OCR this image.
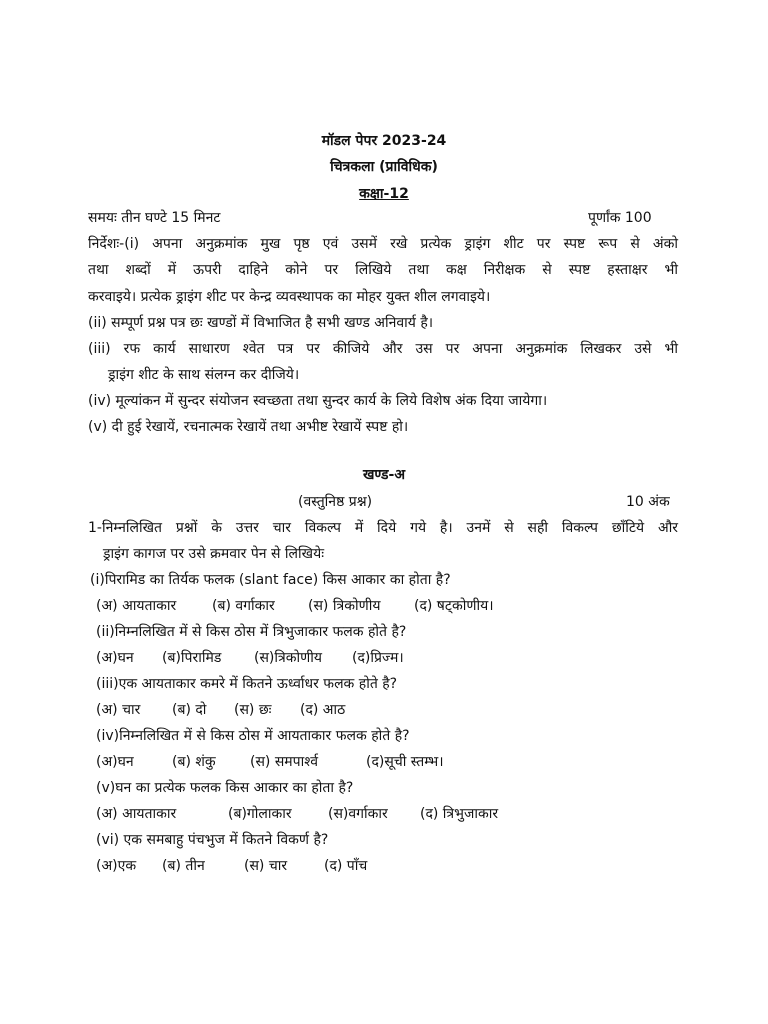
मॉडल पेपर 2023-24
चित्रकला (प्राविधिक)
कक्षा-12
समयः तीन घण्टे 15 मिनट	पूर्णांक 100
निर्देशः-(i) अपना अनुक्रमांक मुख पृष्ठ एवं उसमें रखे प्रत्येक ड्राइंग शीट पर स्पष्ट रूप से अंको
तथा शब्दों में ऊपरी दाहिने कोने पर लिखिये तथा कक्ष निरीक्षक से स्पष्ट हस्ताक्षर भी
करवाइये। प्रत्येक ड्राइंग शीट पर केन्द्र व्यवस्थापक का मोहर युक्त शील लगवाइये।
(ii) सम्पूर्ण प्रश्न पत्र छः खण्डों में विभाजित है सभी खण्ड अनिवार्य है।
(iii) रफ कार्य साधारण श्वेत पत्र पर कीजिये और उस पर अपना अनुक्रमांक लिखकर उसे भी
ड्राइंग शीट के साथ संलग्न कर दीजिये।
(iv) मूल्यांकन में सुन्दर संयोजन स्वच्छता तथा सुन्दर कार्य के लिये विशेष अंक दिया जायेगा।
(v) दी हुई रेखायें, रचनात्मक रेखायें तथा अभीष्ट रेखायें स्पष्ट हो।
खण्ड-अ
(वस्तुनिष्ठ प्रश्न)	10 अंक
1-निम्नलिखित प्रश्नों के उत्तर चार विकल्प में दिये गये है। उनमें से सही विकल्प छाँटिये और
ड्राइंग कागज पर उसे क्रमवार पेन से लिखियेः
(i)पिरामिड का तिर्यक फलक (slant face) किस आकार का होता है?
(अ) आयताकार	(ब) वर्गाकार (स) त्रिकोणीय (द) षट्कोणीय।
(ii)निम्नलिखित में से किस ठोस में त्रिभुजाकार फलक होते है?
(अ)घन (ब)पिरामिड (स)त्रिकोणीय (द)प्रिज्म।
(iii)एक आयताकार कमरे में कितने ऊर्ध्वाधर फलक होते है?
(अ) चार (ब) दो (स) छः (द) आठ
(iv)निम्नलिखित में से किस ठोस में आयताकार फलक होते है?
(अ)घन	(ब) शंकु (स) समपार्श्व	(द)सूची स्तम्भ।
(v)घन का प्रत्येक फलक किस आकार का होता है?
(अ) आयताकार	(ब)गोलाकार	(स)वर्गाकार (द) त्रिभुजाकार
(vi) एक समबाहु पंचभुज में कितने विकर्ण है?
(अ)एक (ब) तीन	(स) चार	(द) पाँच
